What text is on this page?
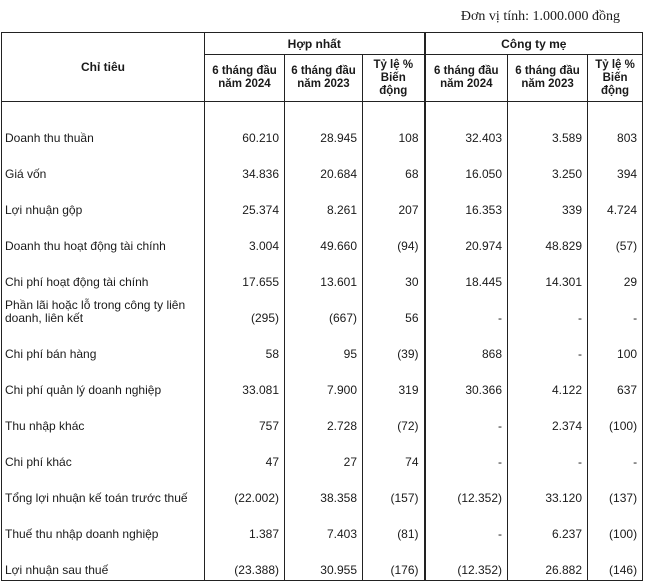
Đơn vị tính: 1.000.000 đồng
Chỉ tiêu	Hợp nhất			Công ty mẹ		
	6 tháng đầu năm 2024	6 tháng đầu năm 2023	Tỷ lệ % Biến động	6 tháng đầu năm 2024	6 tháng đầu năm 2023	Tỷ lệ % Biến động
Doanh thu thuần	60.210	28.945	108	32.403	3.589	803
Giá vốn	34.836	20.684	68	16.050	3.250	394
Lợi nhuận gộp	25.374	8.261	207	16.353	339	4.724
Doanh thu hoạt động tài chính	3.004	49.660	(94)	20.974	48.829	(57)
Chi phí hoạt động tài chính	17.655	13.601	30	18.445	14.301	29
Phần lãi hoặc lỗ trong công ty liên doanh, liên kết	(295)	(667)	56	-	-	-
Chi phí bán hàng	58	95	(39)	868	-	100
Chi phí quản lý doanh nghiệp	33.081	7.900	319	30.366	4.122	637
Thu nhập khác	757	2.728	(72)	-	2.374	(100)
Chi phí khác	47	27	74	-	-	-
Tổng lợi nhuận kế toán trước thuế	(22.002)	38.358	(157)	(12.352)	33.120	(137)
Thuế thu nhập doanh nghiệp	1.387	7.403	(81)	-	6.237	(100)
Lợi nhuận sau thuế	(23.388)	30.955	(176)	(12.352)	26.882	(146)
